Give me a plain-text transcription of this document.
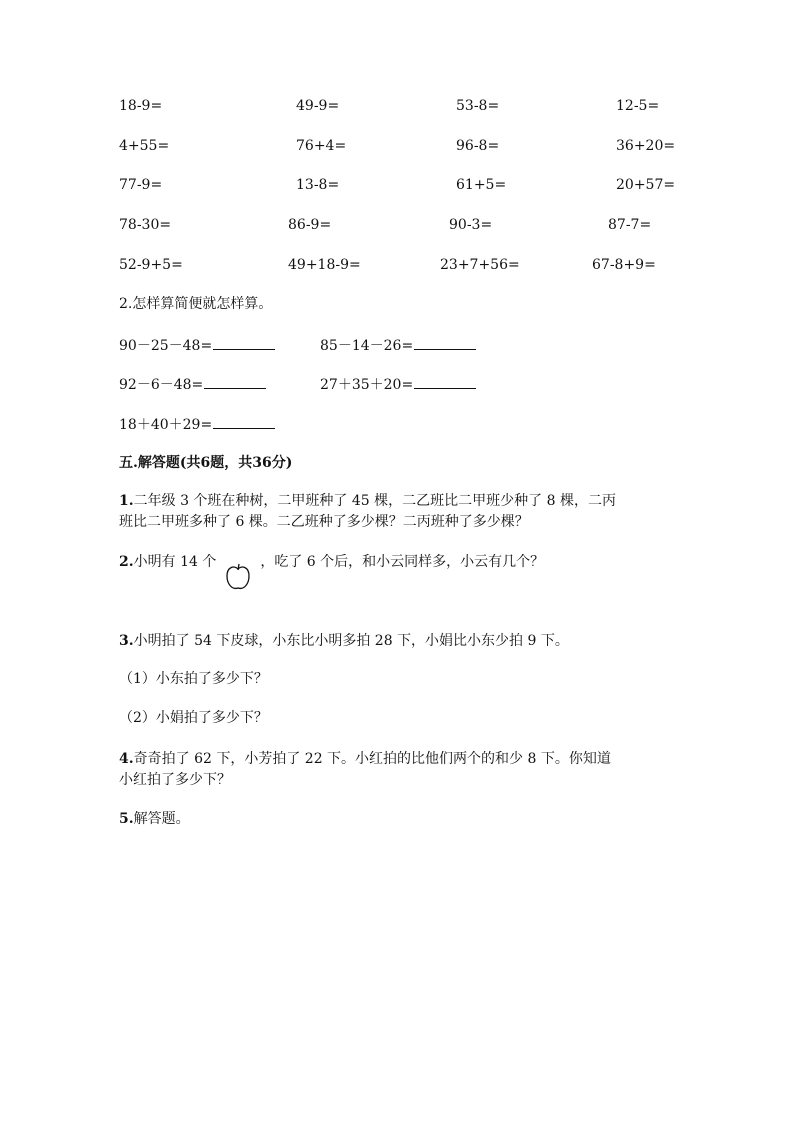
18-9=	49-9=	53-8=	12-5=
4+55=	76+4=	96-8=	36+20=
77-9=	13-8=	61+5=	20+57=
78-30=	86-9=	90-3=	87-7=
52-9+5=	49+18-9=	23+7+56=	67-8+9=
2.怎样算简便就怎样算。
90－25－48=	85－14－26=
92－6－48=	27＋35＋20=
18＋40＋29=
五.解答题(共6题，共36分)
1.二年级 3 个班在种树，二甲班种了 45 棵，二乙班比二甲班少种了 8 棵，二丙
班比二甲班多种了 6 棵。二乙班种了多少棵？二丙班种了多少棵？
2.小明有 14 个	，吃了 6 个后，和小云同样多，小云有几个？
3.小明拍了 54 下皮球，小东比小明多拍 28 下，小娟比小东少拍 9 下。
（1）小东拍了多少下？
（2）小娟拍了多少下？
4.奇奇拍了 62 下，小芳拍了 22 下。小红拍的比他们两个的和少 8 下。你知道
小红拍了多少下？
5.解答题。
